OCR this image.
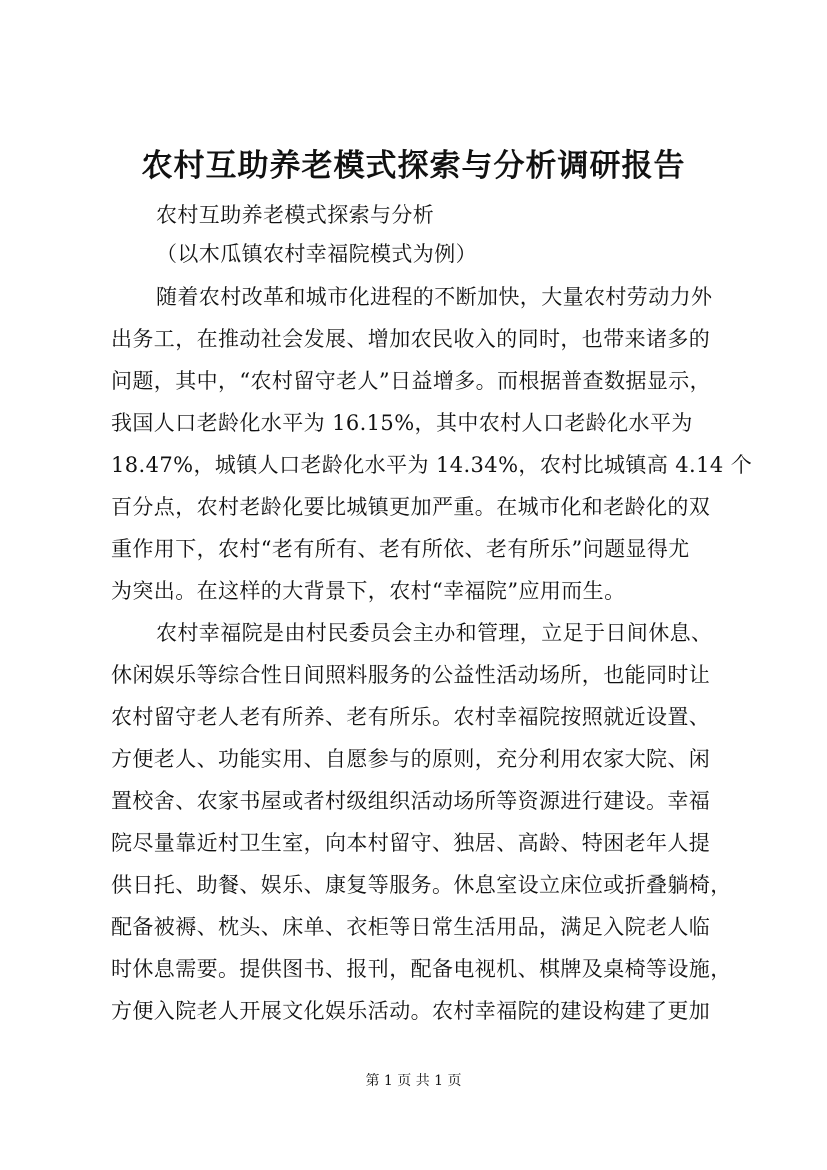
农村互助养老模式探索与分析调研报告
农村互助养老模式探索与分析
（以木瓜镇农村幸福院模式为例）
随着农村改革和城市化进程的不断加快，大量农村劳动力外
出务工，在推动社会发展、增加农民收入的同时，也带来诸多的
问题，其中，“农村留守老人”日益增多。而根据普查数据显示，
我国人口老龄化水平为 16.15%，其中农村人口老龄化水平为
18.47%，城镇人口老龄化水平为 14.34%，农村比城镇高 4.14 个
百分点，农村老龄化要比城镇更加严重。在城市化和老龄化的双
重作用下，农村“老有所有、老有所依、老有所乐”问题显得尤
为突出。在这样的大背景下，农村“幸福院”应用而生。
农村幸福院是由村民委员会主办和管理，立足于日间休息、
休闲娱乐等综合性日间照料服务的公益性活动场所，也能同时让
农村留守老人老有所养、老有所乐。农村幸福院按照就近设置、
方便老人、功能实用、自愿参与的原则，充分利用农家大院、闲
置校舍、农家书屋或者村级组织活动场所等资源进行建设。幸福
院尽量靠近村卫生室，向本村留守、独居、高龄、特困老年人提
供日托、助餐、娱乐、康复等服务。休息室设立床位或折叠躺椅，
配备被褥、枕头、床单、衣柜等日常生活用品，满足入院老人临
时休息需要。提供图书、报刊，配备电视机、棋牌及桌椅等设施，
方便入院老人开展文化娱乐活动。农村幸福院的建设构建了更加
第 1 页 共 1 页
